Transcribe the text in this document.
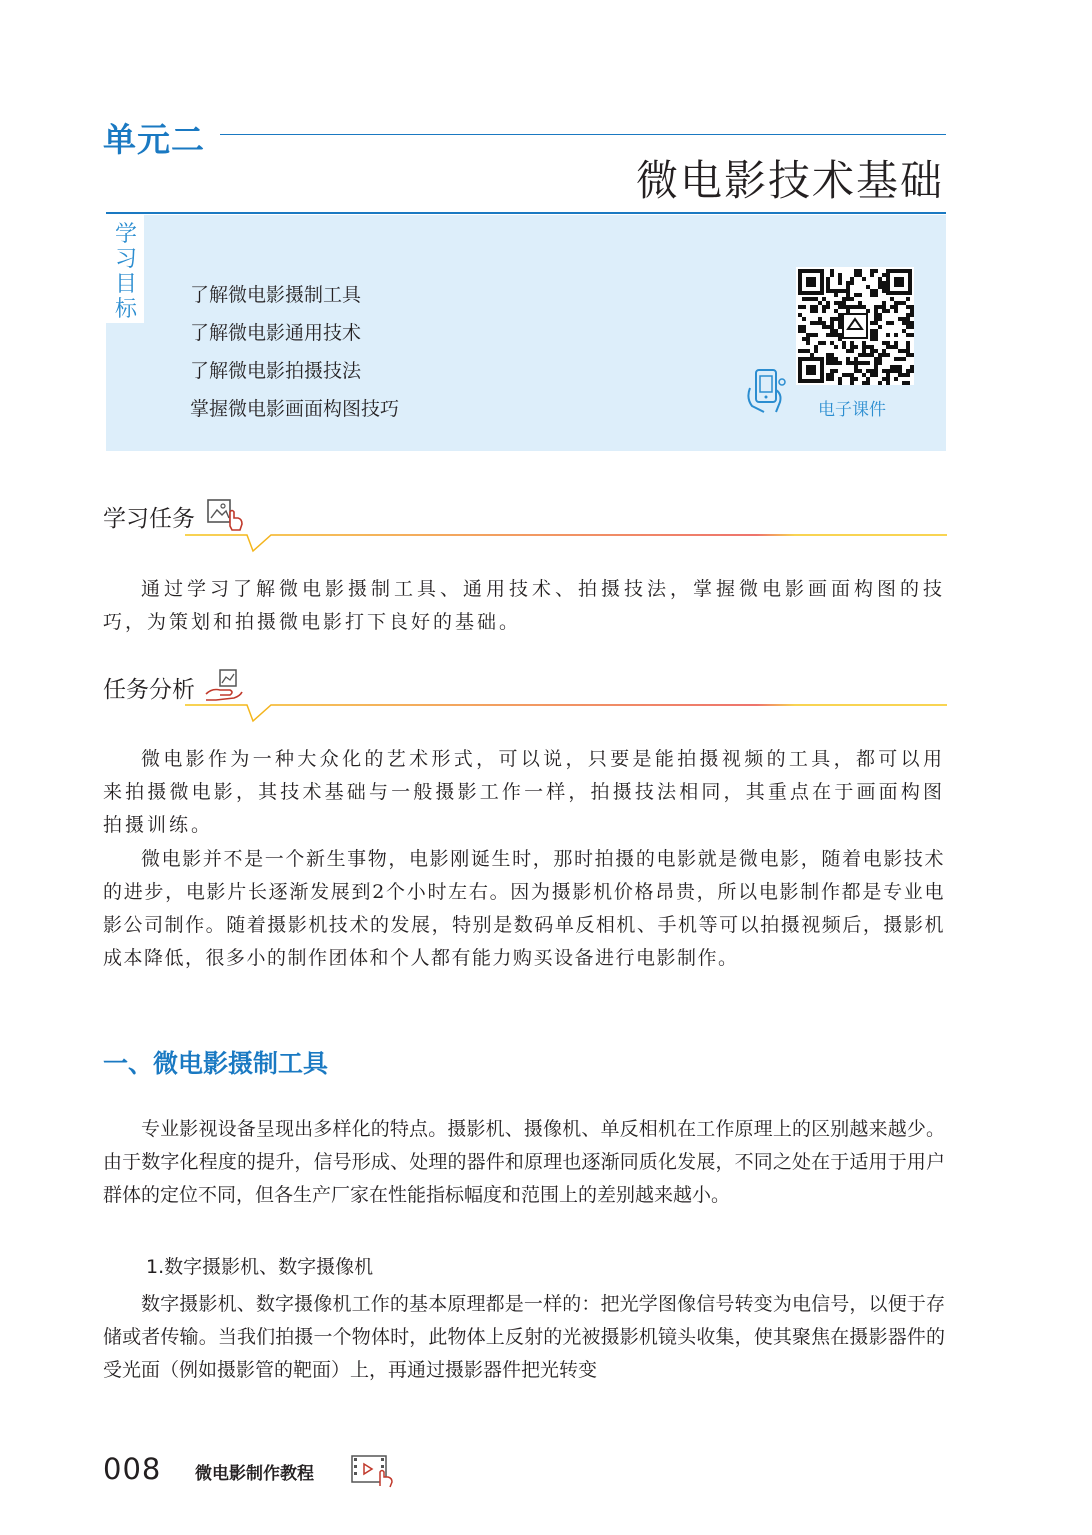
单元二
微电影技术基础
学习目标
了解微电影摄制工具
了解微电影通用技术
了解微电影拍摄技法
掌握微电影画面构图技巧	电子课件
学习任务
通过学习了解微电影摄制工具、通用技术、拍摄技法，掌握微电影画面构图的技巧，为策划和拍摄微电影打下良好的基础。
任务分析
微电影作为一种大众化的艺术形式，可以说，只要是能拍摄视频的工具，都可以用来拍摄微电影，其技术基础与一般摄影工作一样，拍摄技法相同，其重点在于画面构图拍摄训练。
微电影并不是一个新生事物，电影刚诞生时，那时拍摄的电影就是微电影，随着电影技术的进步，电影片长逐渐发展到2个小时左右。因为摄影机价格昂贵，所以电影制作都是专业电影公司制作。随着摄影机技术的发展，特别是数码单反相机、手机等可以拍摄视频后，摄影机成本降低，很多小的制作团体和个人都有能力购买设备进行电影制作。
一、微电影摄制工具
专业影视设备呈现出多样化的特点。摄影机、摄像机、单反相机在工作原理上的区别越来越少。由于数字化程度的提升，信号形成、处理的器件和原理也逐渐同质化发展，不同之处在于适用于用户群体的定位不同，但各生产厂家在性能指标幅度和范围上的差别越来越小。
1.数字摄影机、数字摄像机
数字摄影机、数字摄像机工作的基本原理都是一样的：把光学图像信号转变为电信号，以便于存储或者传输。当我们拍摄一个物体时，此物体上反射的光被摄影机镜头收集，使其聚焦在摄影器件的受光面（例如摄影管的靶面）上，再通过摄影器件把光转变
008 微电影制作教程
